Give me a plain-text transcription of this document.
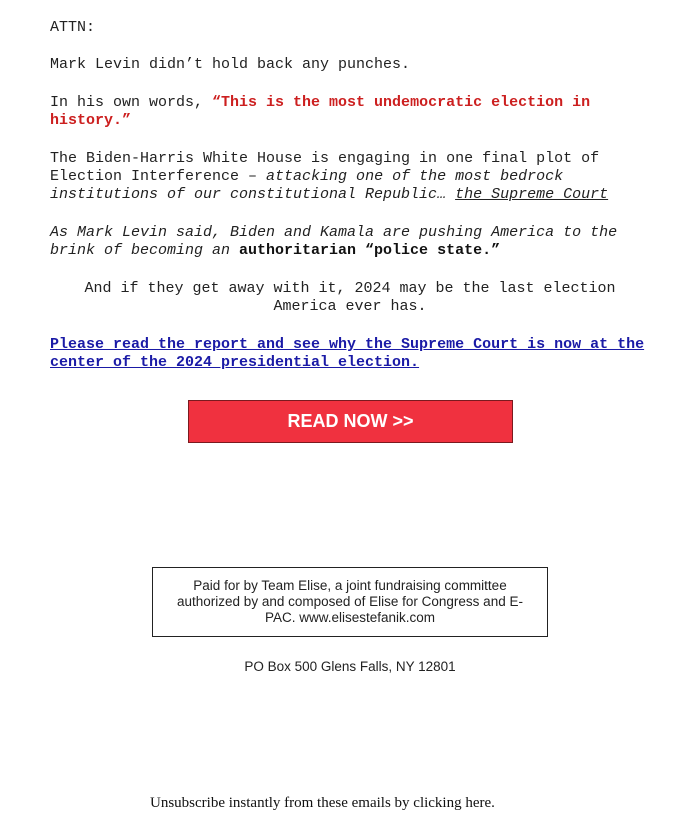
ATTN:

Mark Levin didn’t hold back any punches.

In his own words, “This is the most undemocratic election in history.”

The Biden-Harris White House is engaging in one final plot of Election Interference – attacking one of the most bedrock institutions of our constitutional Republic… the Supreme Court

As Mark Levin said, Biden and Kamala are pushing America to the brink of becoming an authoritarian “police state.”

And if they get away with it, 2024 may be the last election America ever has.

Please read the report and see why the Supreme Court is now at the center of the 2024 presidential election.

READ NOW >>
Paid for by Team Elise, a joint fundraising committee authorized by and composed of Elise for Congress and E-PAC. www.elisestefanik.com
PO Box 500 Glens Falls, NY 12801
Unsubscribe instantly from these emails by clicking here.
